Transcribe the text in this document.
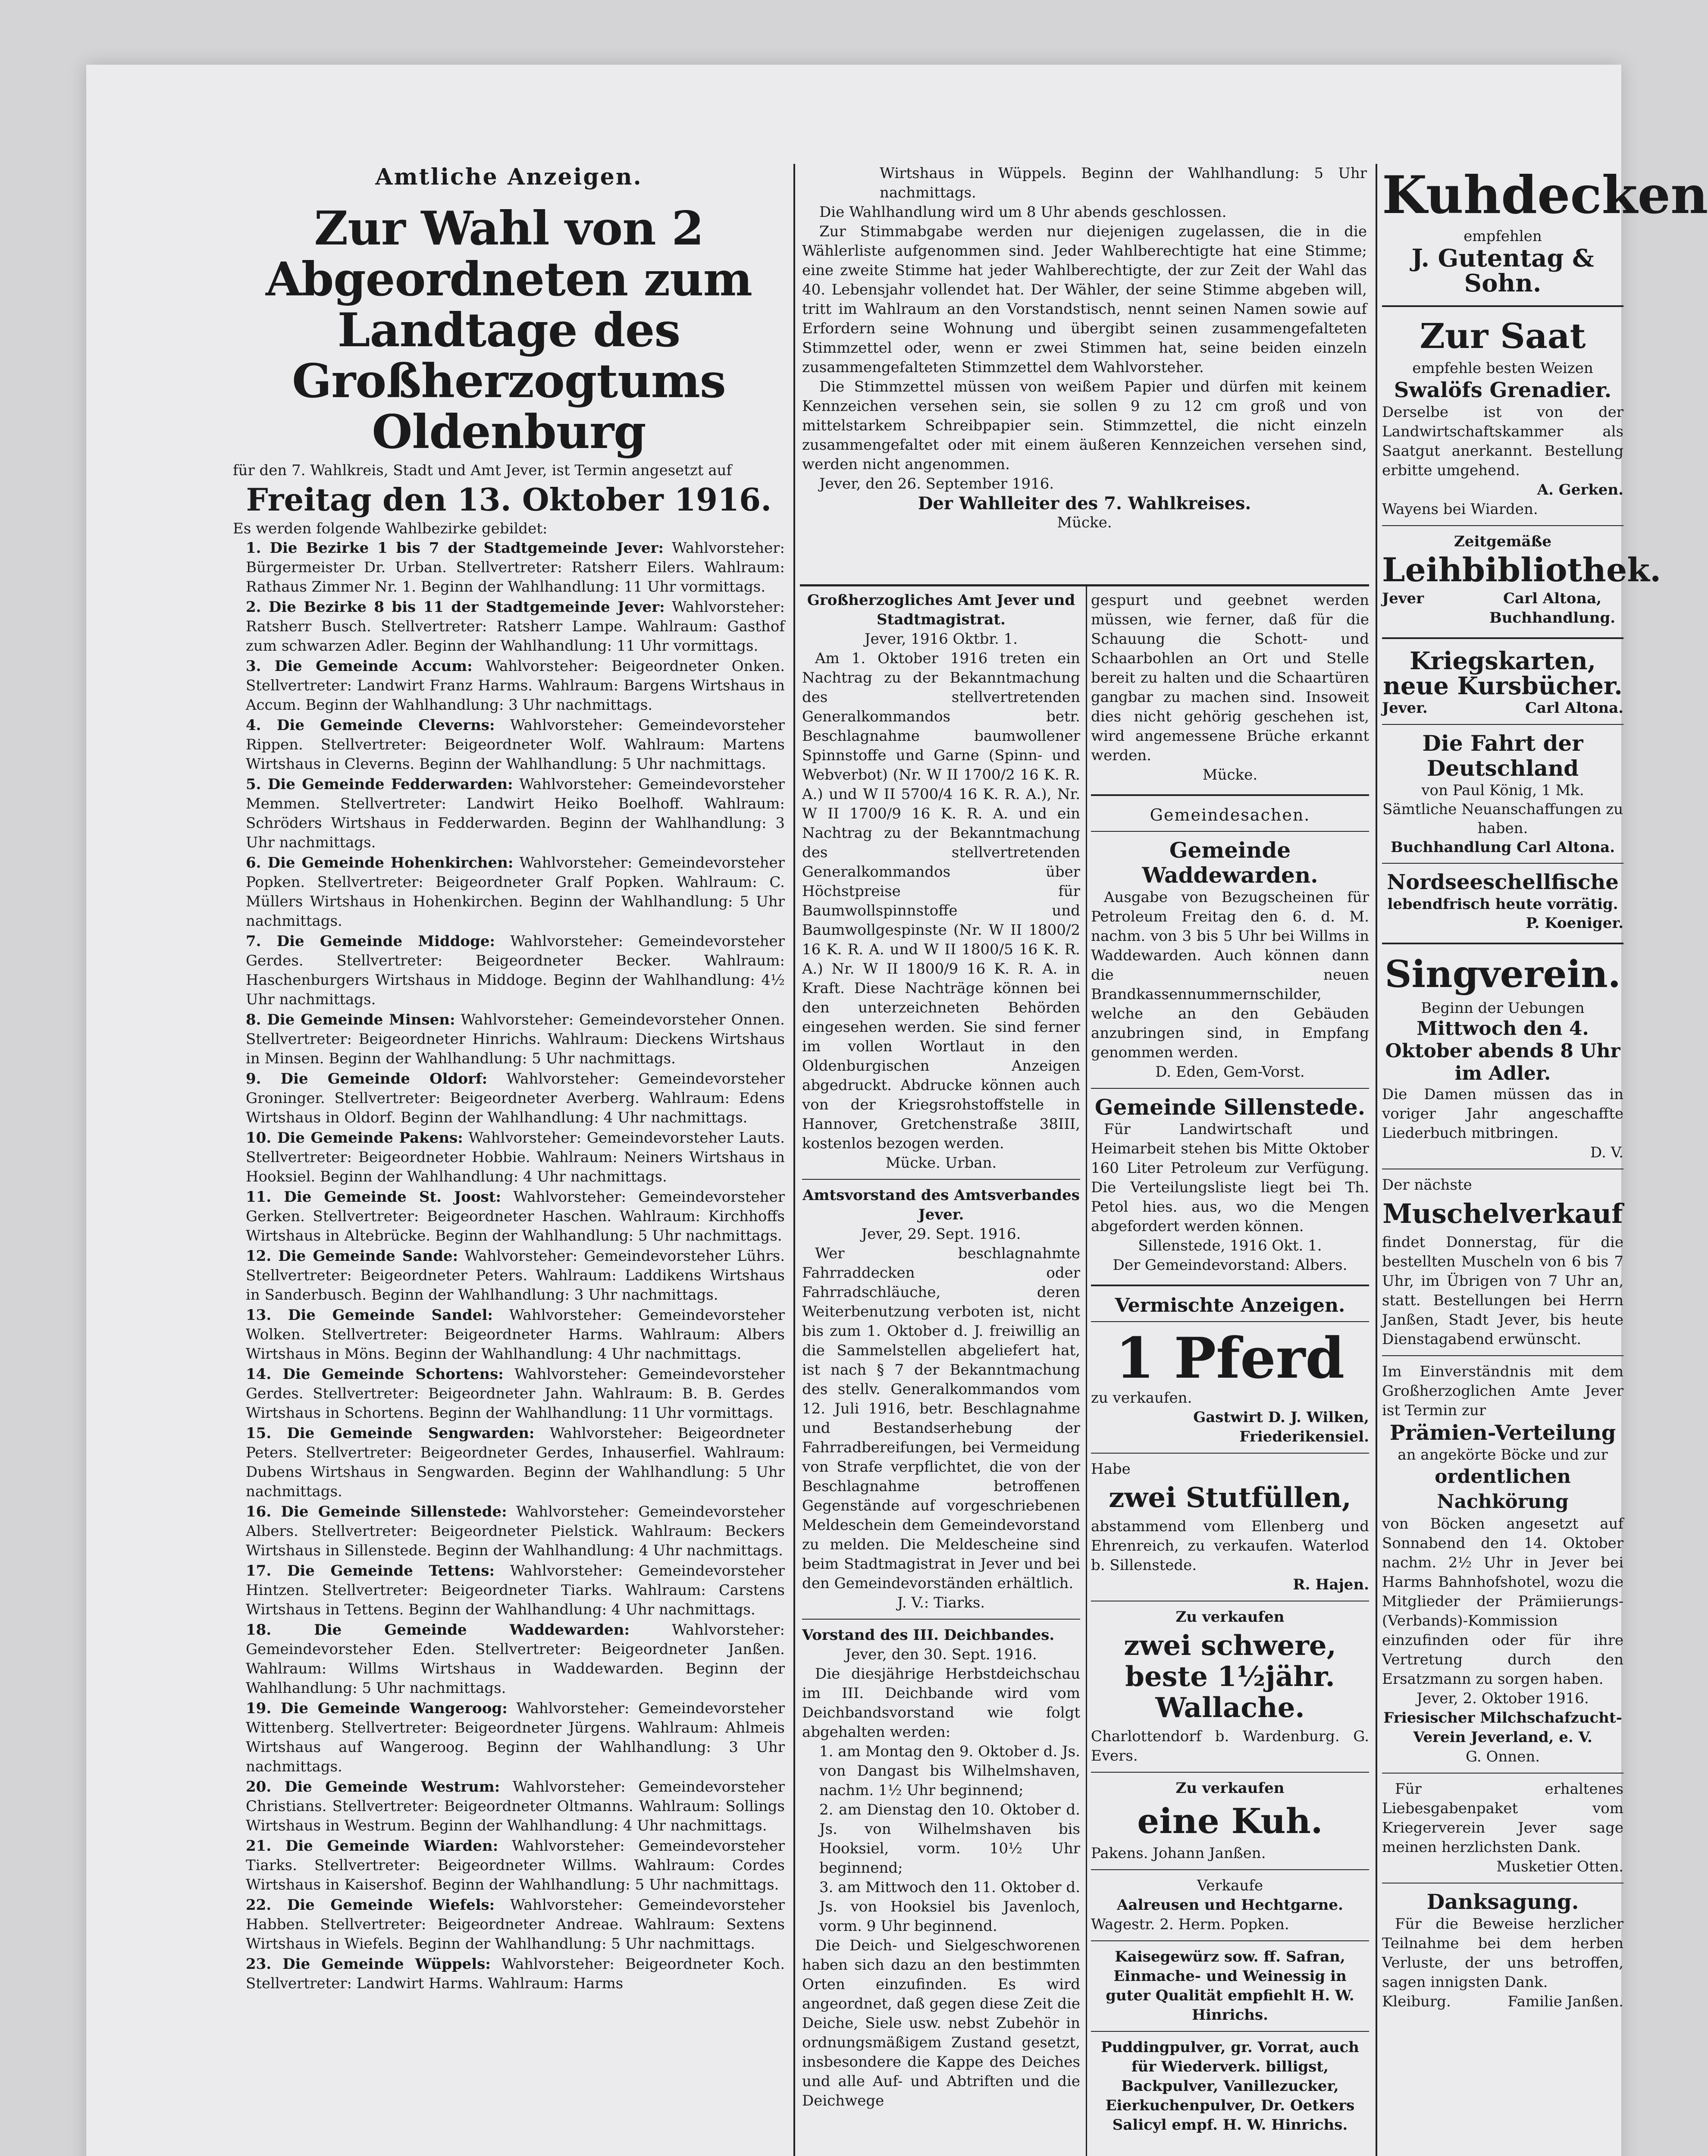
Amtliche Anzeigen.

Zur Wahl von 2 Abgeordneten zum Landtage des Großherzogtums Oldenburg

für den 7. Wahlkreis, Stadt und Amt Jever, ist Termin angesetzt auf

Freitag den 13. Oktober 1916.

Es werden folgende Wahlbezirke gebildet:

1. Die Bezirke 1 bis 7 der Stadtgemeinde Jever: Wahlvorsteher: Bürgermeister Dr. Urban. Stellvertreter: Ratsherr Eilers. Wahlraum: Rathaus Zimmer Nr. 1. Beginn der Wahlhandlung: 11 Uhr vormittags.

2. Die Bezirke 8 bis 11 der Stadtgemeinde Jever: Wahlvorsteher: Ratsherr Busch. Stellvertreter: Ratsherr Lampe. Wahlraum: Gasthof zum schwarzen Adler. Beginn der Wahlhandlung: 11 Uhr vormittags.

3. Die Gemeinde Accum: Wahlvorsteher: Beigeordneter Onken. Stellvertreter: Landwirt Franz Harms. Wahlraum: Bargens Wirtshaus in Accum. Beginn der Wahlhandlung: 3 Uhr nachmittags.

4. Die Gemeinde Cleverns: Wahlvorsteher: Gemeindevorsteher Rippen. Stellvertreter: Beigeordneter Wolf. Wahlraum: Martens Wirtshaus in Cleverns. Beginn der Wahlhandlung: 5 Uhr nachmittags.

5. Die Gemeinde Fedderwarden: Wahlvorsteher: Gemeindevorsteher Memmen. Stellvertreter: Landwirt Heiko Boelhoff. Wahlraum: Schröders Wirtshaus in Fedderwarden. Beginn der Wahlhandlung: 3 Uhr nachmittags.

6. Die Gemeinde Hohenkirchen: Wahlvorsteher: Gemeindevorsteher Popken. Stellvertreter: Beigeordneter Gralf Popken. Wahlraum: C. Müllers Wirtshaus in Hohenkirchen. Beginn der Wahlhandlung: 5 Uhr nachmittags.

7. Die Gemeinde Middoge: Wahlvorsteher: Gemeindevorsteher Gerdes. Stellvertreter: Beigeordneter Becker. Wahlraum: Haschenburgers Wirtshaus in Middoge. Beginn der Wahlhandlung: 4½ Uhr nachmittags.

8. Die Gemeinde Minsen: Wahlvorsteher: Gemeindevorsteher Onnen. Stellvertreter: Beigeordneter Hinrichs. Wahlraum: Dieckens Wirtshaus in Minsen. Beginn der Wahlhandlung: 5 Uhr nachmittags.

9. Die Gemeinde Oldorf: Wahlvorsteher: Gemeindevorsteher Groninger. Stellvertreter: Beigeordneter Averberg. Wahlraum: Edens Wirtshaus in Oldorf. Beginn der Wahlhandlung: 4 Uhr nachmittags.

10. Die Gemeinde Pakens: Wahlvorsteher: Gemeindevorsteher Lauts. Stellvertreter: Beigeordneter Hobbie. Wahlraum: Neiners Wirtshaus in Hooksiel. Beginn der Wahlhandlung: 4 Uhr nachmittags.

11. Die Gemeinde St. Joost: Wahlvorsteher: Gemeindevorsteher Gerken. Stellvertreter: Beigeordneter Haschen. Wahlraum: Kirchhoffs Wirtshaus in Altebrücke. Beginn der Wahlhandlung: 5 Uhr nachmittags.

12. Die Gemeinde Sande: Wahlvorsteher: Gemeindevorsteher Lührs. Stellvertreter: Beigeordneter Peters. Wahlraum: Laddikens Wirtshaus in Sanderbusch. Beginn der Wahlhandlung: 3 Uhr nachmittags.

13. Die Gemeinde Sandel: Wahlvorsteher: Gemeindevorsteher Wolken. Stellvertreter: Beigeordneter Harms. Wahlraum: Albers Wirtshaus in Möns. Beginn der Wahlhandlung: 4 Uhr nachmittags.

14. Die Gemeinde Schortens: Wahlvorsteher: Gemeindevorsteher Gerdes. Stellvertreter: Beigeordneter Jahn. Wahlraum: B. B. Gerdes Wirtshaus in Schortens. Beginn der Wahlhandlung: 11 Uhr vormittags.

15. Die Gemeinde Sengwarden: Wahlvorsteher: Beigeordneter Peters. Stellvertreter: Beigeordneter Gerdes, Inhauserfiel. Wahlraum: Dubens Wirtshaus in Sengwarden. Beginn der Wahlhandlung: 5 Uhr nachmittags.

16. Die Gemeinde Sillenstede: Wahlvorsteher: Gemeindevorsteher Albers. Stellvertreter: Beigeordneter Pielstick. Wahlraum: Beckers Wirtshaus in Sillenstede. Beginn der Wahlhandlung: 4 Uhr nachmittags.

17. Die Gemeinde Tettens: Wahlvorsteher: Gemeindevorsteher Hintzen. Stellvertreter: Beigeordneter Tiarks. Wahlraum: Carstens Wirtshaus in Tettens. Beginn der Wahlhandlung: 4 Uhr nachmittags.

18. Die Gemeinde Waddewarden:	Wahlvorsteher: Gemeindevorsteher Eden. Stellvertreter: Beigeordneter Janßen. Wahlraum: Willms Wirtshaus in Waddewarden. Beginn der Wahlhandlung: 5 Uhr nachmittags.

19. Die Gemeinde Wangeroog: Wahlvorsteher: Gemeindevorsteher Wittenberg. Stellvertreter: Beigeordneter Jürgens. Wahlraum: Ahlmeis Wirtshaus auf Wangeroog. Beginn der Wahlhandlung: 3 Uhr nachmittags.

20. Die Gemeinde Westrum: Wahlvorsteher: Gemeindevorsteher Christians. Stellvertreter: Beigeordneter Oltmanns. Wahlraum: Sollings Wirtshaus in Westrum. Beginn der Wahlhandlung: 4 Uhr nachmittags.

21. Die Gemeinde Wiarden: Wahlvorsteher: Gemeindevorsteher Tiarks. Stellvertreter: Beigeordneter Willms. Wahlraum: Cordes Wirtshaus in Kaisershof. Beginn der Wahlhandlung: 5 Uhr nachmittags.

22. Die Gemeinde Wiefels: Wahlvorsteher: Gemeindevorsteher Habben. Stellvertreter: Beigeordneter Andreae. Wahlraum: Sextens Wirtshaus in Wiefels. Beginn der Wahlhandlung: 5 Uhr nachmittags.

23. Die Gemeinde Wüppels: Wahlvorsteher: Beigeordneter Koch. Stellvertreter: Landwirt Harms. Wahlraum: Harms

Wirtshaus in Wüppels. Beginn der Wahlhandlung: 5 Uhr nachmittags.

Die Wahlhandlung wird um 8 Uhr abends geschlossen.

Zur Stimmabgabe werden nur diejenigen zugelassen, die in die Wählerliste aufgenommen sind. Jeder Wahlberechtigte hat eine Stimme; eine zweite Stimme hat jeder Wahlberechtigte, der zur Zeit der Wahl das 40. Lebensjahr vollendet hat. Der Wähler, der seine Stimme abgeben will, tritt im Wahlraum an den Vorstandstisch, nennt seinen Namen sowie auf Erfordern seine Wohnung und übergibt seinen zusammengefalteten Stimmzettel oder, wenn er zwei Stimmen hat, seine beiden einzeln zusammengefalteten Stimmzettel dem Wahlvorsteher.

Die Stimmzettel müssen von weißem Papier und dürfen mit keinem Kennzeichen versehen sein, sie sollen 9 zu 12 cm groß und von mittelstarkem Schreibpapier sein. Stimmzettel, die nicht einzeln zusammengefaltet oder mit einem äußeren Kennzeichen versehen sind, werden nicht angenommen.

Jever, den 26. September 1916.

Der Wahlleiter des 7. Wahlkreises.

Mücke.

Großherzogliches Amt Jever und Stadtmagistrat.

Jever, 1916 Oktbr. 1.

Am 1. Oktober 1916 treten ein Nachtrag zu der Bekanntmachung des stellvertretenden Generalkommandos betr. Beschlagnahme baumwollener Spinnstoffe und Garne (Spinn- und Webverbot) (Nr. W II 1700/2 16 K. R. A.) und W II 5700/4 16 K. R. A.), Nr. W II 1700/9 16 K. R. A. und ein Nachtrag zu der Bekanntmachung des stellvertretenden Generalkommandos über Höchstpreise für Baumwollspinnstoffe und Baumwollgespinste (Nr. W II 1800/2 16 K. R. A. und W II 1800/5 16 K. R. A.) Nr. W II 1800/9 16 K. R. A. in Kraft. Diese Nachträge können bei den unterzeichneten Behörden eingesehen werden. Sie sind ferner im vollen Wortlaut in den Oldenburgischen Anzeigen abgedruckt. Abdrucke können auch von der Kriegsrohstoffstelle in Hannover, Gretchenstraße 38III, kostenlos bezogen werden.

Mücke. Urban.

Amtsvorstand des Amtsverbandes Jever.

Jever, 29. Sept. 1916.

Wer beschlagnahmte Fahrraddecken oder Fahrradschläuche, deren Weiterbenutzung verboten ist, nicht bis zum 1. Oktober d. J. freiwillig an die Sammelstellen abgeliefert hat, ist nach § 7 der Bekanntmachung des stellv. Generalkommandos vom 12. Juli 1916, betr. Beschlagnahme und Bestandserhebung der Fahrradbereifungen, bei Vermeidung von Strafe verpflichtet, die von der Beschlagnahme betroffenen Gegenstände auf vorgeschriebenen Meldeschein dem Gemeindevorstand zu melden. Die Meldescheine sind beim Stadtmagistrat in Jever und bei den Gemeindevorständen erhältlich.

J. V.: Tiarks.

Vorstand des III. Deichbandes.

Jever, den 30. Sept. 1916.

Die diesjährige Herbstdeichschau im III. Deichbande wird vom Deichbandsvorstand wie folgt abgehalten werden:

1. am Montag den 9. Oktober d. Js. von Dangast bis Wilhelmshaven, nachm. 1½ Uhr beginnend;

2. am Dienstag den 10. Oktober d. Js. von Wilhelmshaven bis Hooksiel, vorm. 10½ Uhr beginnend;

3. am Mittwoch den 11. Oktober d. Js. von Hooksiel bis Javenloch, vorm. 9 Uhr beginnend.

Die Deich- und Sielgeschworenen haben sich dazu an den bestimmten Orten einzufinden. Es wird angeordnet, daß gegen diese Zeit die Deiche, Siele usw. nebst Zubehör in ordnungsmäßigem Zustand gesetzt, insbesondere die Kappe des Deiches und alle Auf- und Abtriften und die Deichwege

gespurt und geebnet werden müssen, wie ferner, daß für die Schauung die Schott- und Schaarbohlen an Ort und Stelle bereit zu halten und die Schaartüren gangbar zu machen sind. Insoweit dies nicht gehörig geschehen ist, wird angemessene Brüche erkannt werden.

Mücke.

Gemeindesachen.

Gemeinde Waddewarden.

Ausgabe von Bezugscheinen für Petroleum Freitag den 6. d. M. nachm. von 3 bis 5 Uhr bei Willms in Waddewarden. Auch können dann die neuen Brandkassennummernschilder, welche an den Gebäuden anzubringen sind, in Empfang genommen werden.

D. Eden, Gem-Vorst.

Gemeinde Sillenstede.

Für Landwirtschaft und Heimarbeit stehen bis Mitte Oktober 160 Liter Petroleum zur Verfügung. Die Verteilungsliste liegt bei Th. Petol hies. aus, wo die Mengen abgefordert werden können.

Sillenstede, 1916 Okt. 1.

Der Gemeindevorstand: Albers.

Vermischte Anzeigen.

1 Pferd

zu verkaufen.

Gastwirt D. J. Wilken, Friederikensiel.

Habe

zwei Stutfüllen,

abstammend vom Ellenberg und Ehrenreich, zu verkaufen. Waterlod b. Sillenstede.

R. Hajen.

Zu verkaufen

zwei schwere, beste 1½jähr. Wallache.

Charlottendorf b. Wardenburg. G. Evers.

Zu verkaufen

eine Kuh.

Pakens. Johann Janßen.

Verkaufe

Aalreusen und Hechtgarne.

Wagestr. 2. Herm. Popken.

Kaisegewürz sow. ff. Safran, Einmache- und Weinessig in guter Qualität empfiehlt H. W. Hinrichs.

Puddingpulver, gr. Vorrat, auch für Wiederverk. billigst, Backpulver, Vanillezucker, Eierkuchenpulver, Dr. Oetkers Salicyl empf. H. W. Hinrichs.

Kuhdecken

empfehlen

J. Gutentag & Sohn.

Zur Saat

empfehle besten Weizen

Swalöfs Grenadier.

Derselbe ist von der Landwirtschaftskammer als Saatgut anerkannt. Bestellung erbitte umgehend.

A. Gerken.

Wayens bei Wiarden.

Zeitgemäße

Leihbibliothek.

Jever	Carl Altona, Buchhandlung.

Kriegskarten,

neue Kursbücher.

Jever.	Carl Altona.

Die Fahrt der Deutschland

von Paul König, 1 Mk.

Sämtliche Neuanschaffungen zu haben.

Buchhandlung Carl Altona.

Nordseeschellfische

lebendfrisch heute vorrätig.

P. Koeniger.

Singverein.

Beginn der Uebungen

Mittwoch den 4. Oktober abends 8 Uhr im Adler.

Die Damen müssen das in voriger Jahr angeschaffte Liederbuch mitbringen.

D. V.

Der nächste

Muschelverkauf

findet Donnerstag, für die bestellten Muscheln von 6 bis 7 Uhr, im Übrigen von 7 Uhr an, statt. Bestellungen bei Herrn Janßen, Stadt Jever, bis heute Dienstagabend erwünscht.

Im Einverständnis mit dem Großherzoglichen Amte Jever ist Termin zur

Prämien-Verteilung

an angekörte Böcke und zur

ordentlichen Nachkörung

von Böcken angesetzt auf Sonnabend den 14. Oktober nachm. 2½ Uhr in Jever bei Harms Bahnhofshotel, wozu die Mitglieder der Prämiierungs-(Verbands)-Kommission einzufinden oder für ihre Vertretung durch den Ersatzmann zu sorgen haben.

Jever, 2. Oktober 1916.

Friesischer Milchschafzucht-Verein Jeverland, e. V.

G. Onnen.

Für erhaltenes Liebesgabenpaket vom Kriegerverein Jever sage meinen herzlichsten Dank.

Musketier Otten.

Danksagung.

Für die Beweise herzlicher Teilnahme bei dem herben Verluste, der uns betroffen, sagen innigsten Dank.

Kleiburg.	Familie Janßen.
